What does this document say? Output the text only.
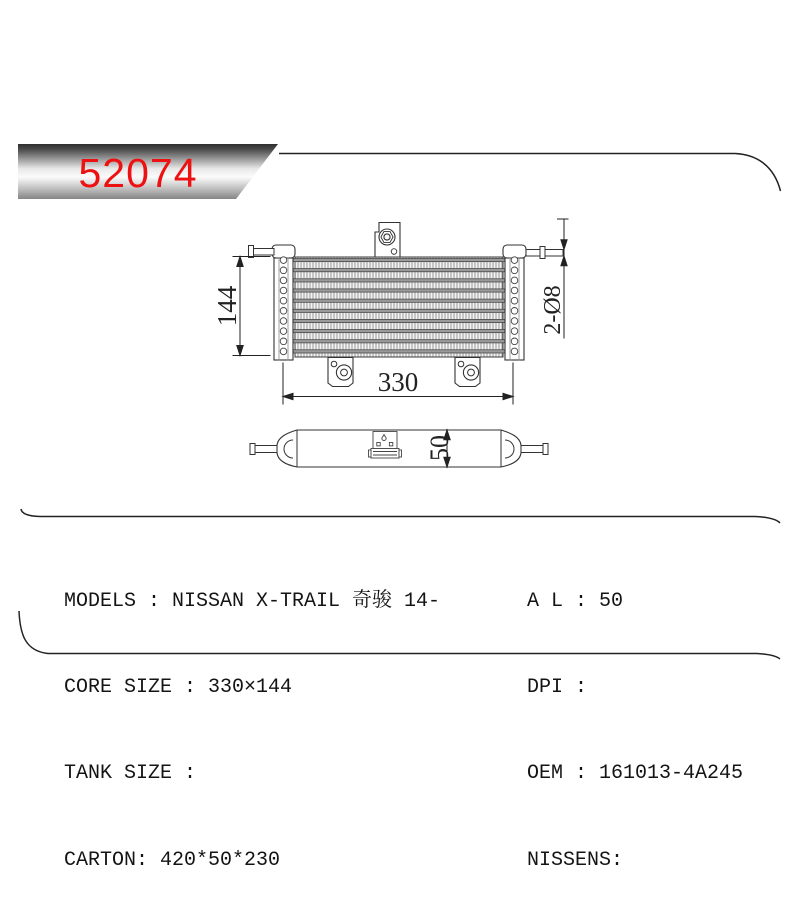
52074
144
330
2-Ø8
50

MODELS : NISSAN X-TRAIL 奇骏 14-

CORE SIZE : 330×144

TANK SIZE :

CARTON: 420*50*230

A L : 50

DPI :

OEM : 161013-4A245

NISSENS:
